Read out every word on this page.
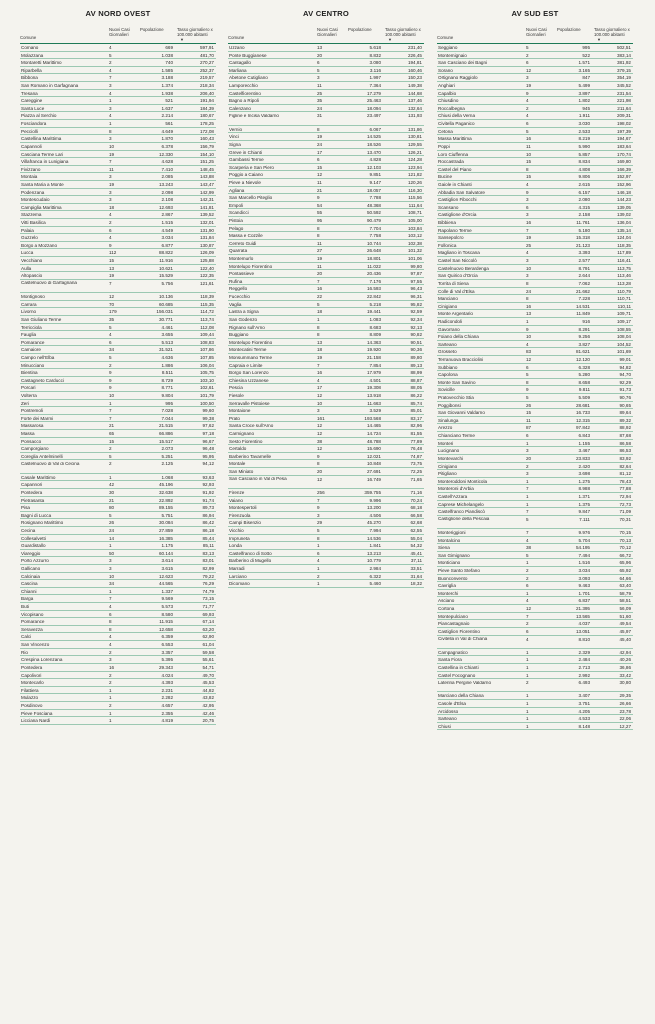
AV NORD OVEST
Comune
Nuovi Casi Giornalieri
Popolazione	Tasso giornaliero x 100.000 abitanti
▼
Comano	4	669	597,91
Molazzana	5	1.038	481,70
Montaretti Marittimo	2	740	270,27
Riparbella	4	1.585	252,37
Bibbona	7	3.188	219,57
San Romano in Garfagnana	3	1.374	218,34
Tresana	4	1.938	206,40
Careggine	1	521	191,94
Santa Luce	3	1.637	184,39
Piazza al Serchio	4	2.214	180,67
Fosciandora	1	561	178,25
Pecciolli	8	4.649	172,08
Castellina Marittima	3	1.870	160,43
Capannoli	10	6.378	156,79
Casciana Terme Lari	19	12.330	154,10
Villafranca in Lunigiana	7	4.628	151,25
Fivizzano	11	7.410	148,45
Montaia	3	2.085	143,88
Santa Maria a Monte	19	13.243	143,47
Podenzana	3	2.098	142,99
Montescudaio	3	2.108	142,31
Campiglia Marittima	18	12.693	141,81
Stazzema	4	2.867	139,52
Vitti Basilica	2	1.515	132,01
Palaia	6	4.549	131,90
Guzzelo	4	3.034	131,84
Borgo a Mozzano	9	6.877	130,87
Lucca	112	88.822	126,09
Vecchiano	15	11.916	125,88
Aulla	13	10.621	122,40
Altopascio	19	15.529	122,35
Castelnuovo di Garfagnana	7	5.756	121,61
Montignoso	12	10.136	118,39
Carrara	70	60.685	115,35
Livorno	179	156.031	114,72
San Giuliano Terme	35	30.771	113,74
Terricciola	5	4.461	112,08
Fauglia	4	3.655	109,44
Pomarance	6	5.513	108,83
Camaiore	34	31.521	107,86
Campo nell'Elba	5	4.636	107,85
Minucciano	2	1.886	106,04
Bientina	9	8.511	105,75
Castagneto Carducci	9	8.729	103,10
Porcari	9	8.771	102,61
Volterra	10	9.804	101,79
Zeri	1	995	100,50
Pontremoli	7	7.028	99,60
Forte dei Marmi	7	7.044	99,38
Massarosa	21	21.515	97,62
Massa	65	66.886	97,18
Ponsacco	15	15.517	96,67
Camporgiano	2	2.073	96,48
Coreglia Antelminelli	5	5.251	95,95
Castelnuovo di Val di Cecina	2	2.125	94,12
Casale Marittimo	1	1.068	93,63
Capannori	42	45.196	92,93
Pontedera	30	32.638	91,92
Pietrasanta	21	22.892	91,74
Pisa	80	89.155	89,73
Bagni di Lucca	5	5.751	86,94
Rosignano Marittimo	26	30.084	86,42
Cecina	24	27.859	86,18
Collesalvetti	14	16.385	85,44
Guardistallo	1	1.175	85,11
Viareggio	50	60.144	83,13
Porto Azzurro	3	3.614	83,01
Gallicano	3	3.615	82,99
Calcinaia	10	12.623	79,22
Cascina	34	44.565	76,29
Chianni	1	1.337	74,79
Barga	7	9.569	73,15
Buti	4	5.573	71,77
Vicopisano	6	8.580	69,93
Pomarance	8	11.915	67,14
Seravezza	8	12.658	63,20
Calci	4	6.359	62,90
San Vincenzo	4	6.553	61,04
Rio	2	3.357	59,58
Crespina Lorenzana	3	5.395	55,61
Pontedera	16	29.343	54,71
Capolivori	2	4.024	49,70
Montecarlo	2	4.393	45,53
Filattiera	1	2.231	44,82
Mulazzo	1	2.282	43,82
Posdinovo	2	4.657	42,95
Pieve Fosciana	1	2.355	42,46
Licciana Nardi	1	4.819	20,75
AV CENTRO
Comune
Nuovi Casi Giornalieri
Popolazione	Tasso giornaliero x 100.000 abitanti
▼
Uzzano	13	5.618	231,40
Ponte Buggianese	20	8.832	226,45
Cantagallo	6	3.080	194,81
Marliana	5	3.116	160,46
Abetone Cutigliano	3	1.997	150,23
Lamporecchio	11	7.364	149,38
Castelfiorentino	25	17.279	144,68
Bagno a Ripoli	35	25.463	137,46
Calenzano	24	18.094	132,64
Figline e Incisa Valdarno	31	23.497	131,93
Vernio	8	6.067	131,86
Vinci	19	14.525	130,81
Signa	24	18.526	129,55
Greve in Chianti	17	13.470	126,21
Gambassi Terme	6	4.828	124,28
Scarperia e San Piero	15	12.103	123,94
Poggio a Caiano	12	9.851	121,82
Pieve a Nievole	11	9.147	120,26
Agliana	21	18.057	116,30
San Marcello Piteglio	9	7.788	115,56
Empoli	54	48.368	111,64
Scandicci	55	50.592	108,71
Pistoia	95	90.479	105,00
Pelago	8	7.704	103,84
Massa e Cozzile	8	7.758	103,12
Cerreto Guidi	11	10.744	102,38
Quarrata	27	26.648	101,32
Montemurlo	19	18.801	101,06
Montelupo Fiorentino	11	11.022	99,80
Pontassieve	20	20.436	97,87
Rufina	7	7.176	97,55
Reggello	16	16.593	96,43
Fucecchio	22	22.842	96,31
Vaglia	5	5.218	95,82
Lastra a Signa	18	19.441	92,59
San Godenzo	1	1.083	92,34
Rignano sull'Arno	8	8.683	92,13
Buggiano	8	8.809	90,82
Montelupo Fiorentino	13	14.363	90,51
Montecatini Terme	18	19.920	90,36
Monsummano Terme	19	21.158	89,80
Capraia e Limite	7	7.854	89,13
Borgo San Lorenzo	16	17.979	88,99
Chiesina Uzzanese	4	4.501	88,87
Pescia	17	19.308	88,05
Fiesole	12	13.918	86,22
Serravalle Pistoiese	10	11.663	85,74
Montaione	3	3.529	85,01
Prato	161	193.568	83,17
Santa Croce sull'Arno	12	14.465	82,96
Carmignano	12	14.724	81,55
Sesto Fiorentino	38	48.788	77,89
Certaldo	12	15.690	76,48
Barberino Tavarnelle	9	12.021	74,87
Montale	8	10.848	73,75
San Miniato	20	27.691	72,25
San Casciano in Val di Pesa	12	16.749	71,65
Firenze	256	359.755	71,16
Vaiano	7	9.996	70,24
Montespertoli	9	13.200	68,18
Firenzuola	3	4.506	66,58
Campi Bisenzio	29	45.270	62,68
Vicchio	5	7.994	62,55
Impruneta	8	14.536	55,04
Londa	1	1.841	54,32
Castelfranco di Sotto	6	13.213	45,41
Barberino di Mugello	4	10.779	37,11
Marradi	1	2.984	33,51
Larciano	2	6.322	31,64
Dicomano	1	5.460	18,32
AV SUD EST
Comune
Nuovi Casi Giornalieri
Popolazione	Tasso giornaliero x 100.000 abitanti
▼
Seggiano	5	995	502,51
Montemignaio	2	522	383,14
San Casciano dei Bagni	6	1.571	381,92
Sorano	12	3.165	379,15
Ortignano Raggiolo	3	847	354,19
Anghiari	19	5.499	345,52
Capalbio	9	3.897	231,54
Chiusdino	4	1.802	221,98
Roccalbegna	2	945	211,64
Chiusi della Verna	4	1.911	209,31
Civitella Paganico	6	3.030	198,02
Cetona	5	2.533	197,39
Massa Marittima	16	8.219	194,67
Poppi	11	5.990	183,64
Loro Ciuffenna	10	5.857	170,74
Roccastrada	15	8.834	169,80
Castel del Piano	8	4.808	166,39
Bucine	15	9.806	152,97
Gaiole in Chianti	4	2.615	152,96
Abbadia San Salvatore	9	6.157	146,18
Castiglion Fibocchi	3	2.080	144,23
Scansano	6	4.315	139,05
Castiglione d'Orcia	3	2.158	139,02
Bibbiena	16	11.761	136,04
Rapolano Terme	7	5.180	135,14
Sansepolcro	19	15.318	124,04
Follonica	25	21.123	118,35
Magliano in Toscana	4	3.393	117,89
Castel San Niccolò	3	2.577	116,41
Castelnuovo Berardenga	10	8.791	113,75
San Quirico d'Orcia	3	2.644	113,46
Torrita di Siena	8	7.062	113,28
Colle di Val d'Elsa	24	21.662	110,79
Manciano	8	7.228	110,71
Cinigiano	16	14.531	110,11
Monte Argentario	13	11.849	109,71
Radicondoli	1	916	109,17
Gavorrano	9	8.291	108,55
Foiano della Chiana	10	9.256	108,04
Sarteano	4	3.827	104,52
Grosseto	83	81.621	101,69
Terranuova Bracciolini	12	12.120	99,01
Subbiano	6	6.328	94,82
Capolona	5	5.280	94,70
Monte San Savino	8	8.658	92,29
Sovicille	9	9.811	91,73
Pratovecchio Stia	5	5.509	90,76
Poggibonsi	26	28.681	90,65
San Giovanni Valdarno	15	16.733	89,64
Sinalunga	11	12.315	89,32
Arezzo	87	97.842	88,92
Chianciano Terme	6	6.843	87,68
Monteri	1	1.155	86,58
Lucignano	3	3.467	86,53
Montevarchi	20	23.833	83,92
Cinigiano	2	2.420	82,64
Pitigliano	3	3.698	81,12
Monteroddoni Monticola	1	1.275	78,43
Monteroni d'Arbia	7	8.988	77,88
Castell'Azzara	1	1.371	72,94
Caprese Michelangelo	1	1.375	72,73
Castelfranco Piandiscò	7	9.847	71,09
Castiglione della Pescaia	5	7.111	70,31
Monteriggioni	7	9.976	70,15
Montalcino	4	5.704	70,13
Siena	38	54.195	70,12
San Gimignano	5	7.494	66,72
Monticiano	1	1.516	65,96
Pieve Santo Stefano	2	3.034	65,92
Buonconvento	2	3.093	64,66
Cavriglia	6	9.463	63,40
Monterchi	1	1.701	58,79
Asciano	4	6.837	58,51
Cortona	12	21.395	56,09
Montepulciano	7	13.565	51,60
Piancastagnaio	2	4.037	49,54
Castiglion Fiorentino	6	13.051	45,97
Civitella in Val di Chiana	4	8.810	45,40
Campagnatico	1	2.329	42,94
Santa Fiora	1	2.484	40,26
Castellina in Chianti	1	2.713	36,86
Castel Focognano	1	2.992	33,42
Laterina Pergine Valdarno	2	6.493	30,80
Marciano della Chiana	1	3.407	29,35
Casole d'Elsa	1	3.751	26,66
Arcidosso	1	4.205	23,78
Sarteano	1	4.533	22,06
Chiusi	1	8.148	12,27
